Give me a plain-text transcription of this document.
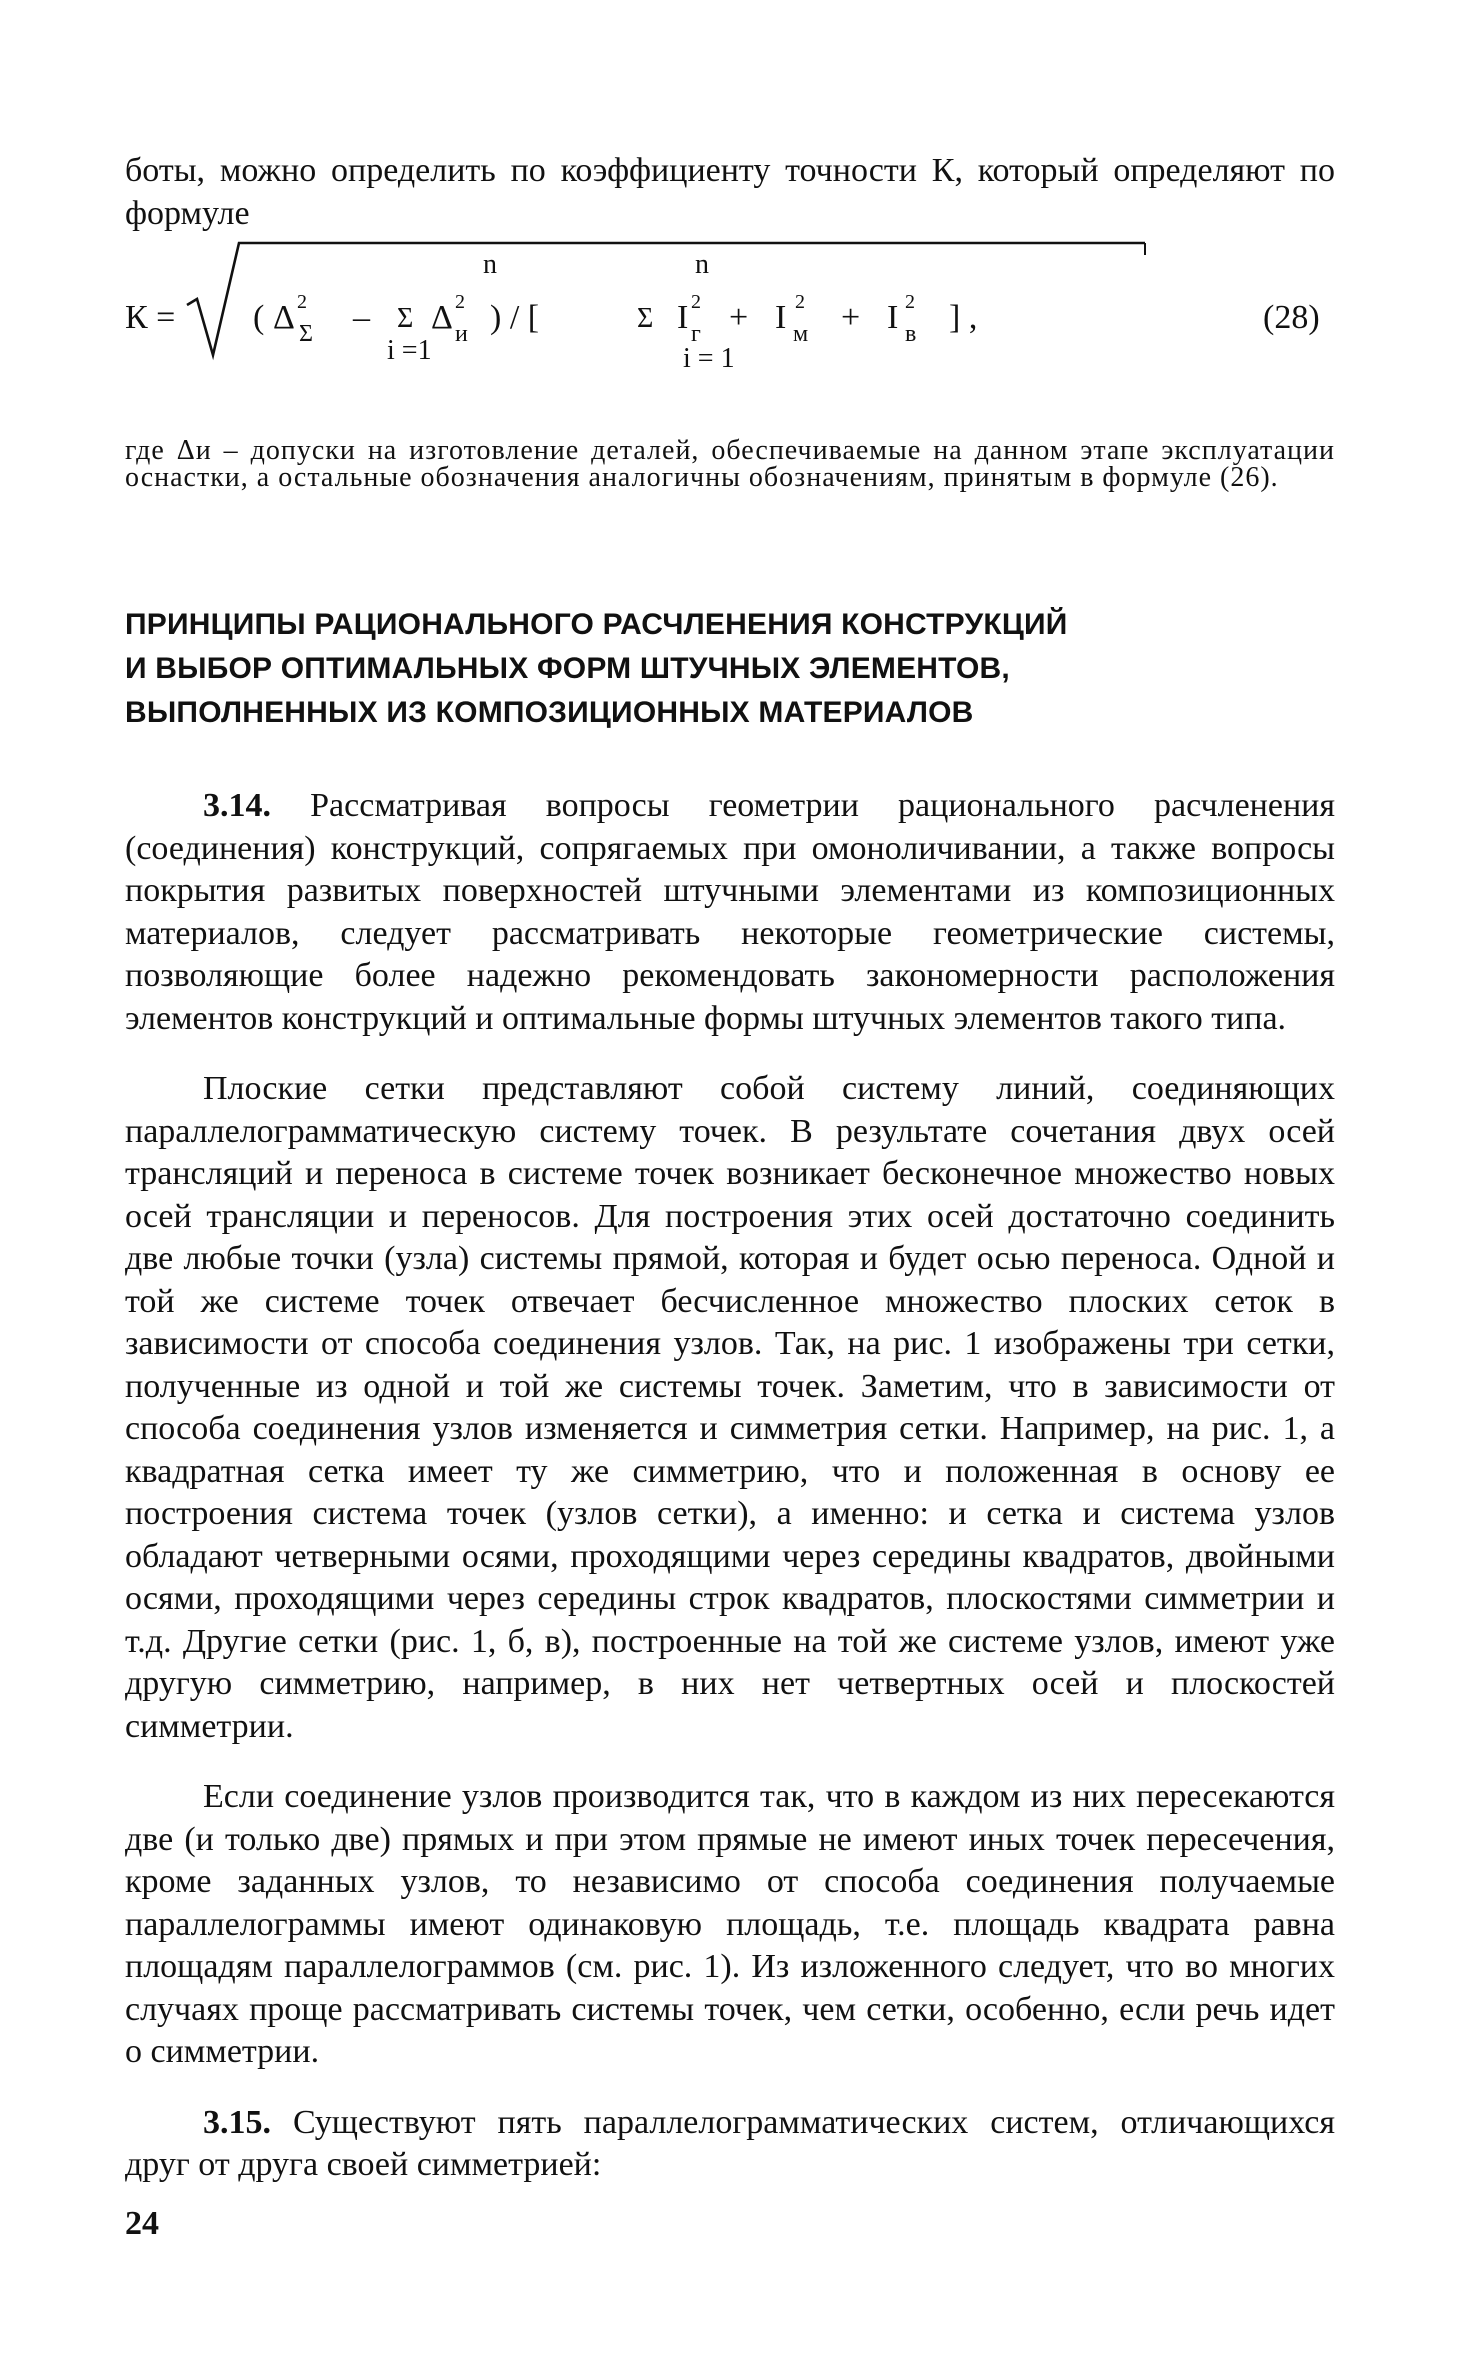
боты, можно определить по коэффициенту точности К, который определяют по формуле

К = ( Δ 2
Σ –
n
Σ Δ 2
и
i =1
) / [
n
Σ I 2
г
i = 1
+ I 2
м + I 2
в ] ,	(28)

где Δи – допуски на изготовление деталей, обеспечиваемые на данном этапе эксплуатации оснастки, а остальные обозначения аналогичны обозначениям, принятым в формуле (26).

ПРИНЦИПЫ РАЦИОНАЛЬНОГО РАСЧЛЕНЕНИЯ КОНСТРУКЦИЙ
И ВЫБОР ОПТИМАЛЬНЫХ ФОРМ ШТУЧНЫХ ЭЛЕМЕНТОВ,
ВЫПОЛНЕННЫХ ИЗ КОМПОЗИЦИОННЫХ МАТЕРИАЛОВ

3.14. Рассматривая вопросы геометрии рационального расчленения (соединения) конструкций, сопрягаемых при омоноличивании, а также вопросы покрытия развитых поверхностей штучными элементами из композиционных материалов, следует рассматривать некоторые геометрические системы, позволяющие более надежно рекомендовать закономерности расположения элементов конструкций и оптимальные формы штучных элементов такого типа.

Плоские сетки представляют собой систему линий, соединяющих параллелограмматическую систему точек. В результате сочетания двух осей трансляций и переноса в системе точек возникает бесконечное множество новых осей трансляции и переносов. Для построения этих осей достаточно соединить две любые точки (узла) системы прямой, которая и будет осью переноса. Одной и той же системе точек отвечает бесчисленное множество плоских сеток в зависимости от способа соединения узлов. Так, на рис. 1 изображены три сетки, полученные из одной и той же системы точек. Заметим, что в зависимости от способа соединения узлов изменяется и симметрия сетки. Например, на рис. 1, а квадратная сетка имеет ту же симметрию, что и положенная в основу ее построения система точек (узлов сетки), а именно: и сетка и система узлов обладают четверными осями, проходящими через середины квадратов, двойными осями, проходящими через середины строк квадратов, плоскостями симметрии и т.д. Другие сетки (рис. 1, б, в), построенные на той же системе узлов, имеют уже другую симметрию, например, в них нет четвертных осей и плоскостей симметрии.

Если соединение узлов производится так, что в каждом из них пересекаются две (и только две) прямых и при этом прямые не имеют иных точек пересечения, кроме заданных узлов, то независимо от способа соединения получаемые параллелограммы имеют одинаковую площадь, т.е. площадь квадрата равна площадям параллелограммов (см. рис. 1). Из изложенного следует, что во многих случаях проще рассматривать системы точек, чем сетки, особенно, если речь идет о симметрии.

3.15. Существуют пять параллелограмматических систем, отличающихся друг от друга своей симметрией:

24
